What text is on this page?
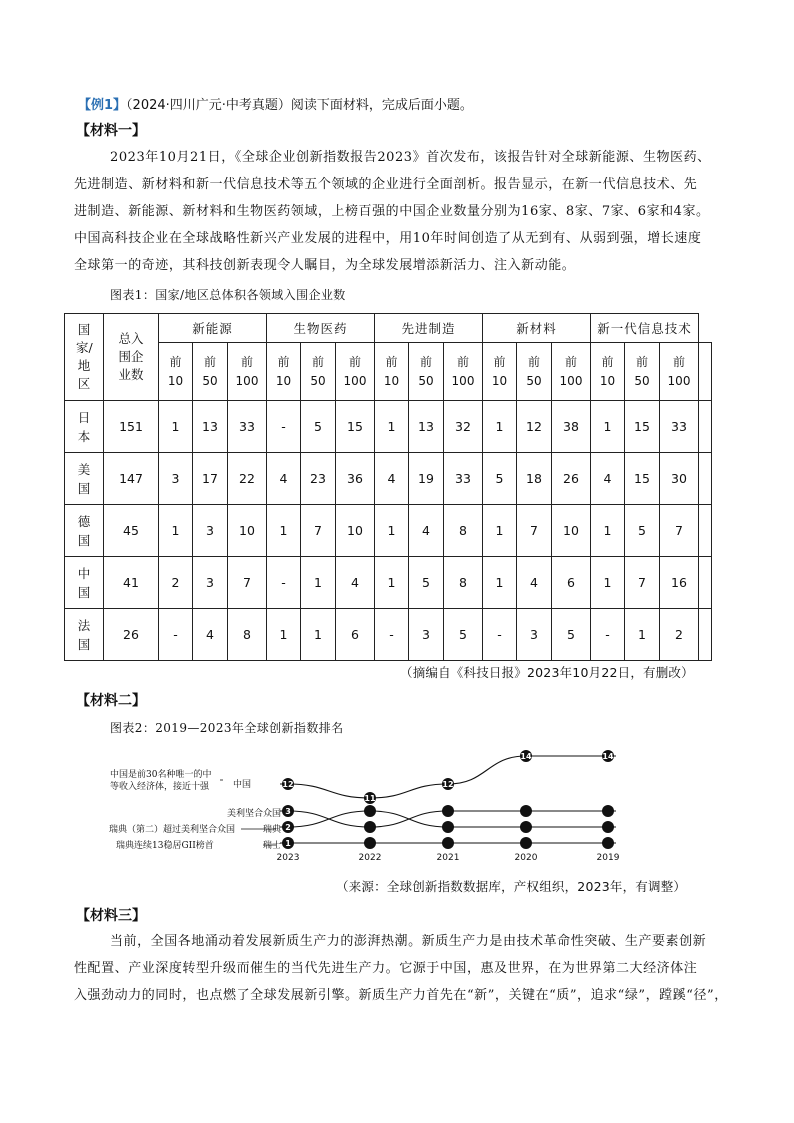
【例1】（2024·四川广元·中考真题）阅读下面材料，完成后面小题。
【材料一】
2023年10月21日，《全球企业创新指数报告2023》首次发布，该报告针对全球新能源、生物医药、
先进制造、新材料和新一代信息技术等五个领域的企业进行全面剖析。报告显示，在新一代信息技术、先
进制造、新能源、新材料和生物医药领域，上榜百强的中国企业数量分别为16家、8家、7家、6家和4家。
中国高科技企业在全球战略性新兴产业发展的进程中，用10年时间创造了从无到有、从弱到强，增长速度
全球第一的奇迹，其科技创新表现令人瞩目，为全球发展增添新活力、注入新动能。
图表1：国家/地区总体积各领域入围企业数
国家/地区	总入围企业数	新能源			生物医药			先进制造			新材料			新一代信息技术			

		前10	前50	前100	前10	前50	前100	前10	前50	前100	前10	前50	前100	前10	前50	前100	

日本	151	1	13	33	-	5	15	1	13	32	1	12	38	1	15	33	

美国	147	3	17	22	4	23	36	4	19	33	5	18	26	4	15	30	

德国	45	1	3	10	1	7	10	1	4	8	1	7	10	1	5	7	

中国	41	2	3	7	-	1	4	1	5	8	1	4	6	1	7	16	

法国	26	-	4	8	1	1	6	-	3	5	-	3	5	-	1	2	
（摘编自《科技日报》2023年10月22日，有删改）
【材料二】
图表2：2019—2023年全球创新指数排名
中国是前30名种唯一的中
等收入经济体，接近十强
瑞典（第二）超过美利坚合众国
瑞典连续13稳居GII榜首
中国
美利坚合众国
瑞典
瑞士
12
11
12
14	14
3
2
1
2023	2022	2021	2020	2019
（来源：全球创新指数数据库，产权组织，2023年，有调整）
【材料三】
当前，全国各地涌动着发展新质生产力的澎湃热潮。新质生产力是由技术革命性突破、生产要素创新
性配置、产业深度转型升级而催生的当代先进生产力。它源于中国，惠及世界，在为世界第二大经济体注
入强劲动力的同时，也点燃了全球发展新引擎。新质生产力首先在“新”，关键在“质”，追求“绿”，蹚蹊“径”，
